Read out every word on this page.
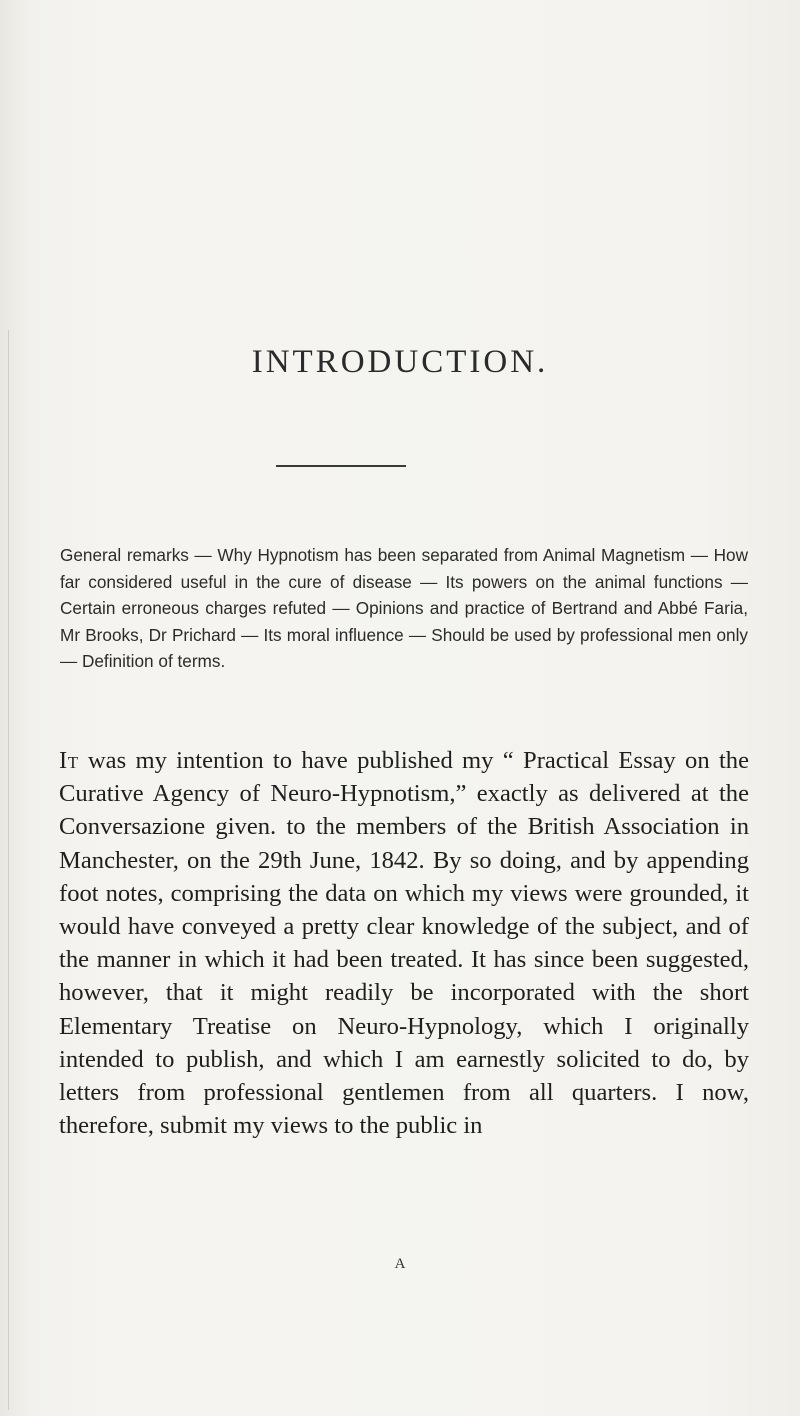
INTRODUCTION.

General remarks — Why Hypnotism has been separated from Animal Magnetism — How far considered useful in the cure of disease — Its powers on the animal functions — Certain erroneous charges refuted — Opinions and practice of Bertrand and Abbé Faria, Mr Brooks, Dr Prichard — Its moral influence — Should be used by professional men only — Definition of terms.

It was my intention to have published my “ Practical Essay on the Curative Agency of Neuro-Hypnotism,” exactly as delivered at the Conversazione given. to the members of the British Association in Manchester, on the 29th June, 1842. By so doing, and by appending foot notes, comprising the data on which my views were grounded, it would have conveyed a pretty clear knowledge of the subject, and of the manner in which it had been treated. It has since been suggested, however, that it might readily be incorporated with the short Elementary Treatise on Neuro-Hypnology, which I originally intended to publish, and which I am earnestly solicited to do, by letters from professional gentlemen from all quarters. I now, therefore, submit my views to the public in

A
